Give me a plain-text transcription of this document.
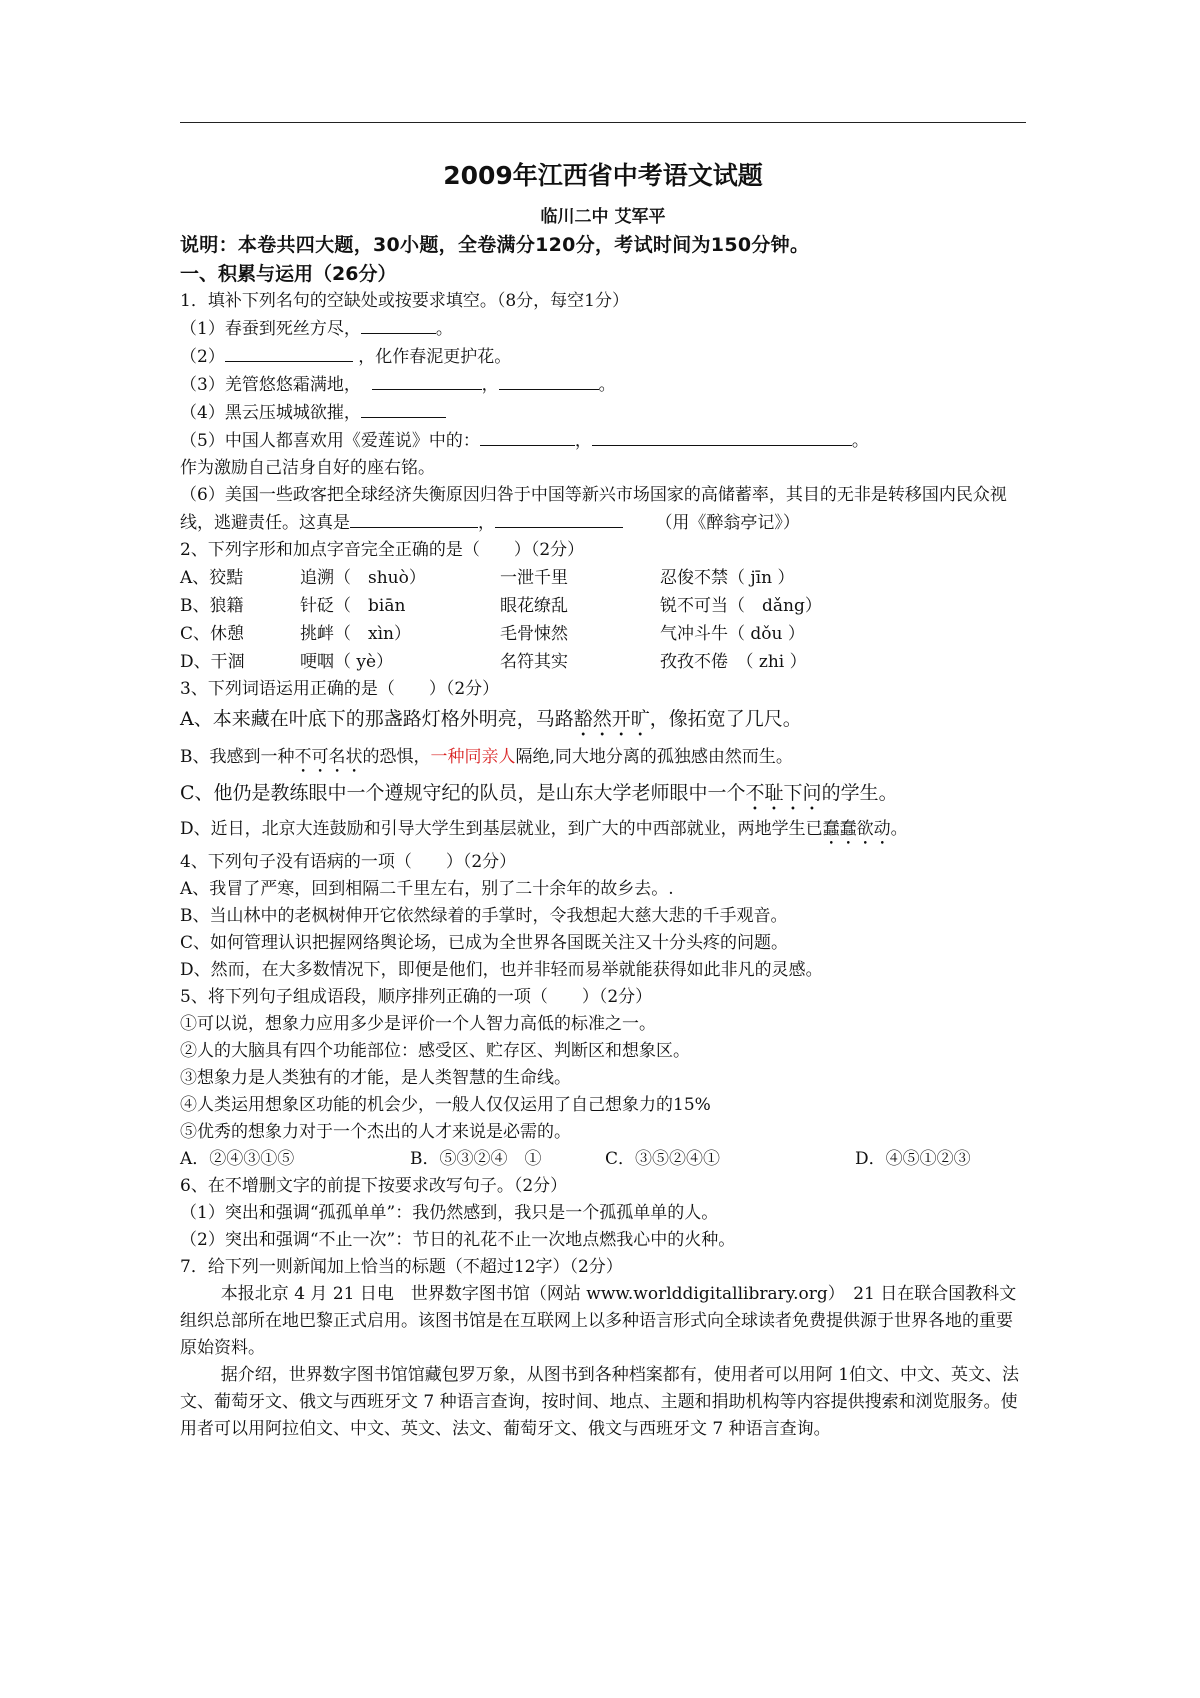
2009年江西省中考语文试题
临川二中 艾军平
说明：本卷共四大题，30小题，全卷满分120分，考试时间为150分钟。
一、积累与运用（26分）
1．填补下列名句的空缺处或按要求填空。（8分，每空1分）
（1）春蚕到死丝方尽，	。
（2）	，化作春泥更护花。
（3）羌管悠悠霜满地，	，	。
（4）黑云压城城欲摧，
（5）中国人都喜欢用《爱莲说》中的：	，	。
作为激励自己洁身自好的座右铭。
（6）美国一些政客把全球经济失衡原因归咎于中国等新兴市场国家的高储蓄率，其目的无非是转移国内民众视线，逃避责任。这真是	，	（用《醉翁亭记》）
2、下列字形和加点字音完全正确的是（　　）（2分）
A、狡黠	追溯（　shuò）	一泄千里	忍俊不禁（ jīn ）
B、狼籍	针砭（　biān	眼花缭乱	锐不可当（　dǎng）
C、休憩	挑衅（　xìn）	毛骨悚然	气冲斗牛（ dǒu ）
D、干涸	哽咽（ yè）	名符其实	孜孜不倦　（ zhi ）
3、下列词语运用正确的是（　　）（2分）
A、本来藏在叶底下的那盏路灯格外明亮，马路豁然开旷，像拓宽了几尺。
B、我感到一种不可名状的恐惧，一种同亲人隔绝,同大地分离的孤独感由然而生。
C、他仍是教练眼中一个遵规守纪的队员，是山东大学老师眼中一个不耻下问的学生。
D、近日，北京大连鼓励和引导大学生到基层就业，到广大的中西部就业，两地学生已蠢蠢欲动。
4、下列句子没有语病的一项（　　）（2分）
A、我冒了严寒，回到相隔二千里左右，别了二十余年的故乡去。.
B、当山林中的老枫树伸开它依然绿着的手掌时，令我想起大慈大悲的千手观音。
C、如何管理认识把握网络舆论场，已成为全世界各国既关注又十分头疼的问题。
D、然而，在大多数情况下，即便是他们，也并非轻而易举就能获得如此非凡的灵感。
5、将下列句子组成语段，顺序排列正确的一项（　　）（2分）
①可以说，想象力应用多少是评价一个人智力高低的标准之一。
②人的大脑具有四个功能部位：感受区、贮存区、判断区和想象区。
③想象力是人类独有的才能，是人类智慧的生命线。
④人类运用想象区功能的机会少，一般人仅仅运用了自己想象力的15%
⑤优秀的想象力对于一个杰出的人才来说是必需的。
A．②④③①⑤	B．⑤③②④　①	C．③⑤②④①	D．④⑤①②③
6、在不增删文字的前提下按要求改写句子。（2分）
（1）突出和强调“孤孤单单”：我仍然感到，我只是一个孤孤单单的人。
（2）突出和强调“不止一次”：节日的礼花不止一次地点燃我心中的火种。
7．给下列一则新闻加上恰当的标题（不超过12字）（2分）
本报北京 4 月 21 日电　世界数字图书馆（网站 www.worlddigitallibrary.org）　21 日在联合国教科文组织总部所在地巴黎正式启用。该图书馆是在互联网上以多种语言形式向全球读者免费提供源于世界各地的重要原始资料。
据介绍，世界数字图书馆馆藏包罗万象，从图书到各种档案都有，使用者可以用阿 1伯文、中文、英文、法文、葡萄牙文、俄文与西班牙文 7 种语言查询，按时间、地点、主题和捐助机构等内容提供搜索和浏览服务。使用者可以用阿拉伯文、中文、英文、法文、葡萄牙文、俄文与西班牙文 7 种语言查询。
